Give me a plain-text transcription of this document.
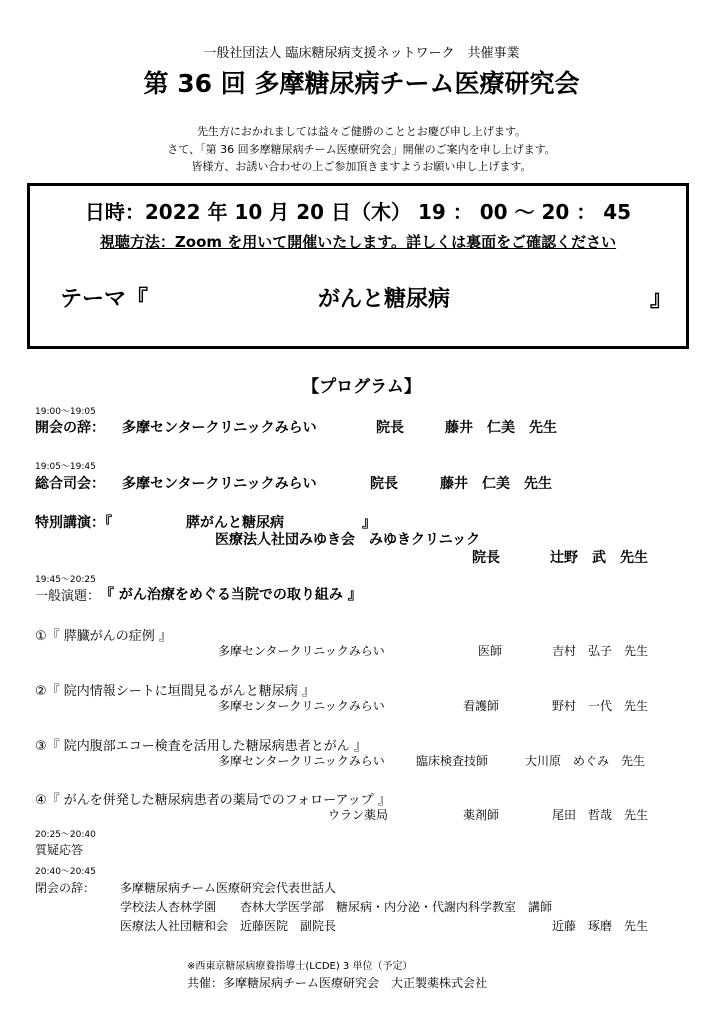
一般社団法人 臨床糖尿病支援ネットワーク　共催事業
第 36 回 多摩糖尿病チーム医療研究会
先生方におかれましては益々ご健勝のこととお慶び申し上げます。
さて、「第 36 回多摩糖尿病チーム医療研究会」開催のご案内を申し上げます。
皆様方、お誘い合わせの上ご参加頂きますようお願い申し上げます。
日時：2022 年 10 月 20 日（木） 19 ： 00 〜 20 ： 45
視聴方法：Zoom を用いて開催いたします。詳しくは裏面をご確認ください
テーマ『	がんと糖尿病	』
【プログラム】
19:00〜19:05
開会の辞： 多摩センタークリニックみらい	院長	藤井　仁美　先生
19:05〜19:45
総合司会： 多摩センタークリニックみらい	院長	藤井　仁美　先生
特別講演：『	膵がんと糖尿病	』
医療法人社団みゆき会　みゆきクリニック
院長	辻野　武　先生
19:45〜20:25
一般演題： 『 がん治療をめぐる当院での取り組み 』
①『 膵臓がんの症例 』
多摩センタークリニックみらい	医師	吉村　弘子　先生
②『 院内情報シートに垣間見るがんと糖尿病 』
多摩センタークリニックみらい	看護師	野村　一代　先生
③『 院内腹部エコー検査を活用した糖尿病患者とがん 』
多摩センタークリニックみらい	臨床検査技師	大川原　めぐみ　先生
④『 がんを併発した糖尿病患者の薬局でのフォローアップ 』
ウラン薬局	薬剤師	尾田　哲哉　先生
20:25〜20:40
質疑応答
20:40〜20:45
閉会の辞： 多摩糖尿病チーム医療研究会代表世話人
学校法人杏林学園　　杏林大学医学部　糖尿病・内分泌・代謝内科学教室　講師
医療法人社団糖和会　近藤医院　副院長	近藤　琢磨　先生
※西東京糖尿病療養指導士(LCDE) 3 単位（予定）
共催：多摩糖尿病チーム医療研究会　大正製薬株式会社
